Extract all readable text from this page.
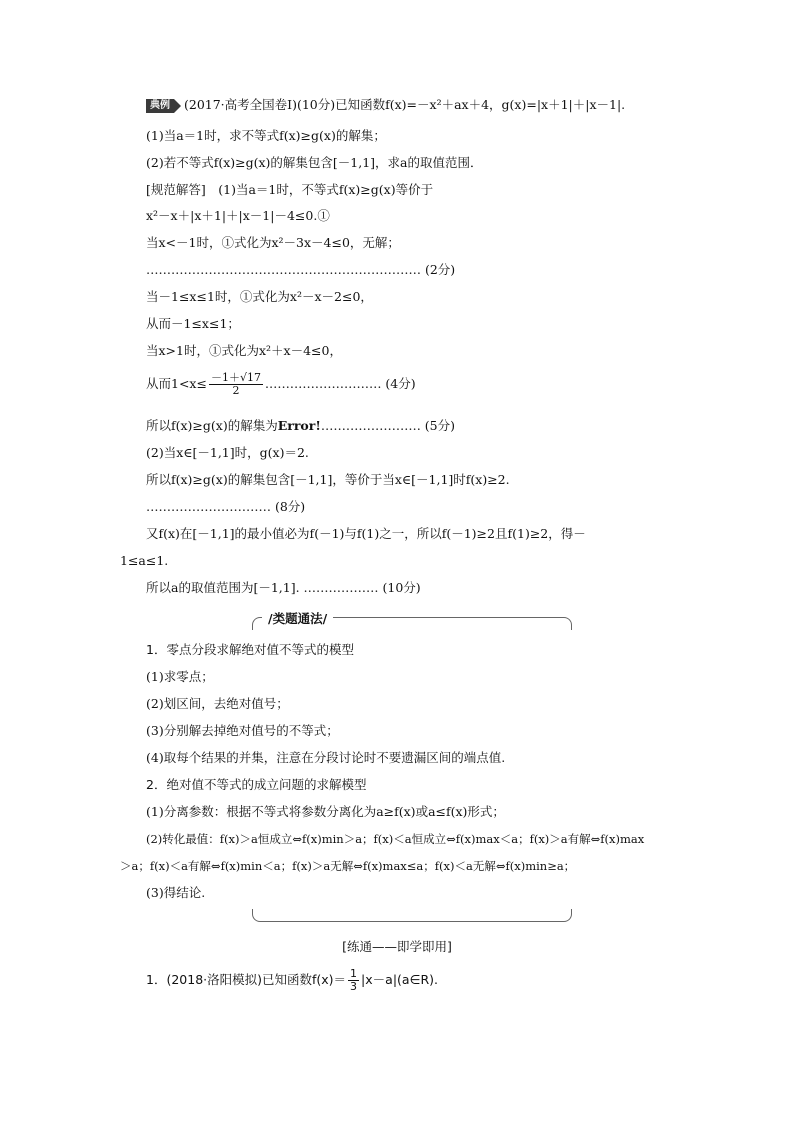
典例 (2017·高考全国卷Ⅰ)(10分)已知函数f(x)=－x²＋ax＋4，g(x)=|x＋1|＋|x－1|.
(1)当a＝1时，求不等式f(x)≥g(x)的解集；
(2)若不等式f(x)≥g(x)的解集包含[－1,1]，求a的取值范围．
[规范解答]　(1)当a＝1时，不等式f(x)≥g(x)等价于
x²－x＋|x＋1|＋|x－1|－4≤0.①
当x<－1时，①式化为x²－3x－4≤0，无解；
………………………………………………………… (2分)
当－1≤x≤1时，①式化为x²－x－2≤0，
从而－1≤x≤1；
当x>1时，①式化为x²＋x－4≤0，
从而$1<x\le \frac{-1+√17}{2}$ .……………………… (4分)
所以f(x)≥g(x)的解集为Error!…………………… (5分)
(2)当x∈[－1,1]时，g(x)＝2.
所以f(x)≥g(x)的解集包含[－1,1]，等价于当x∈[－1,1]时f(x)≥2.
………………………… (8分)
又f(x)在[－1,1]的最小值必为f(－1)与f(1)之一，所以f(－1)≥2且f(1)≥2，得－
1≤a≤1.
所以a的取值范围为[－1,1]. ……………… (10分)
/类题通法/
1．零点分段求解绝对值不等式的模型
(1)求零点；
(2)划区间，去绝对值号；
(3)分别解去掉绝对值号的不等式；
(4)取每个结果的并集，注意在分段讨论时不要遗漏区间的端点值.
2．绝对值不等式的成立问题的求解模型
(1)分离参数：根据不等式将参数分离化为a≥f(x)或a≤f(x)形式；
(2)转化最值：f(x)＞a恒成立⇔f(x)min＞a；f(x)＜a恒成立⇔f(x)max＜a；f(x)＞a有解⇔f(x)max
＞a；f(x)＜a有解⇔f(x)min＜a；f(x)＞a无解⇔f(x)max≤a；f(x)＜a无解⇔f(x)min≥a；
(3)得结论.
[练通——即学即用]
1．(2018·洛阳模拟)已知函数$f(x)= \frac{1}{3}$ |x－a|(a∈R).
